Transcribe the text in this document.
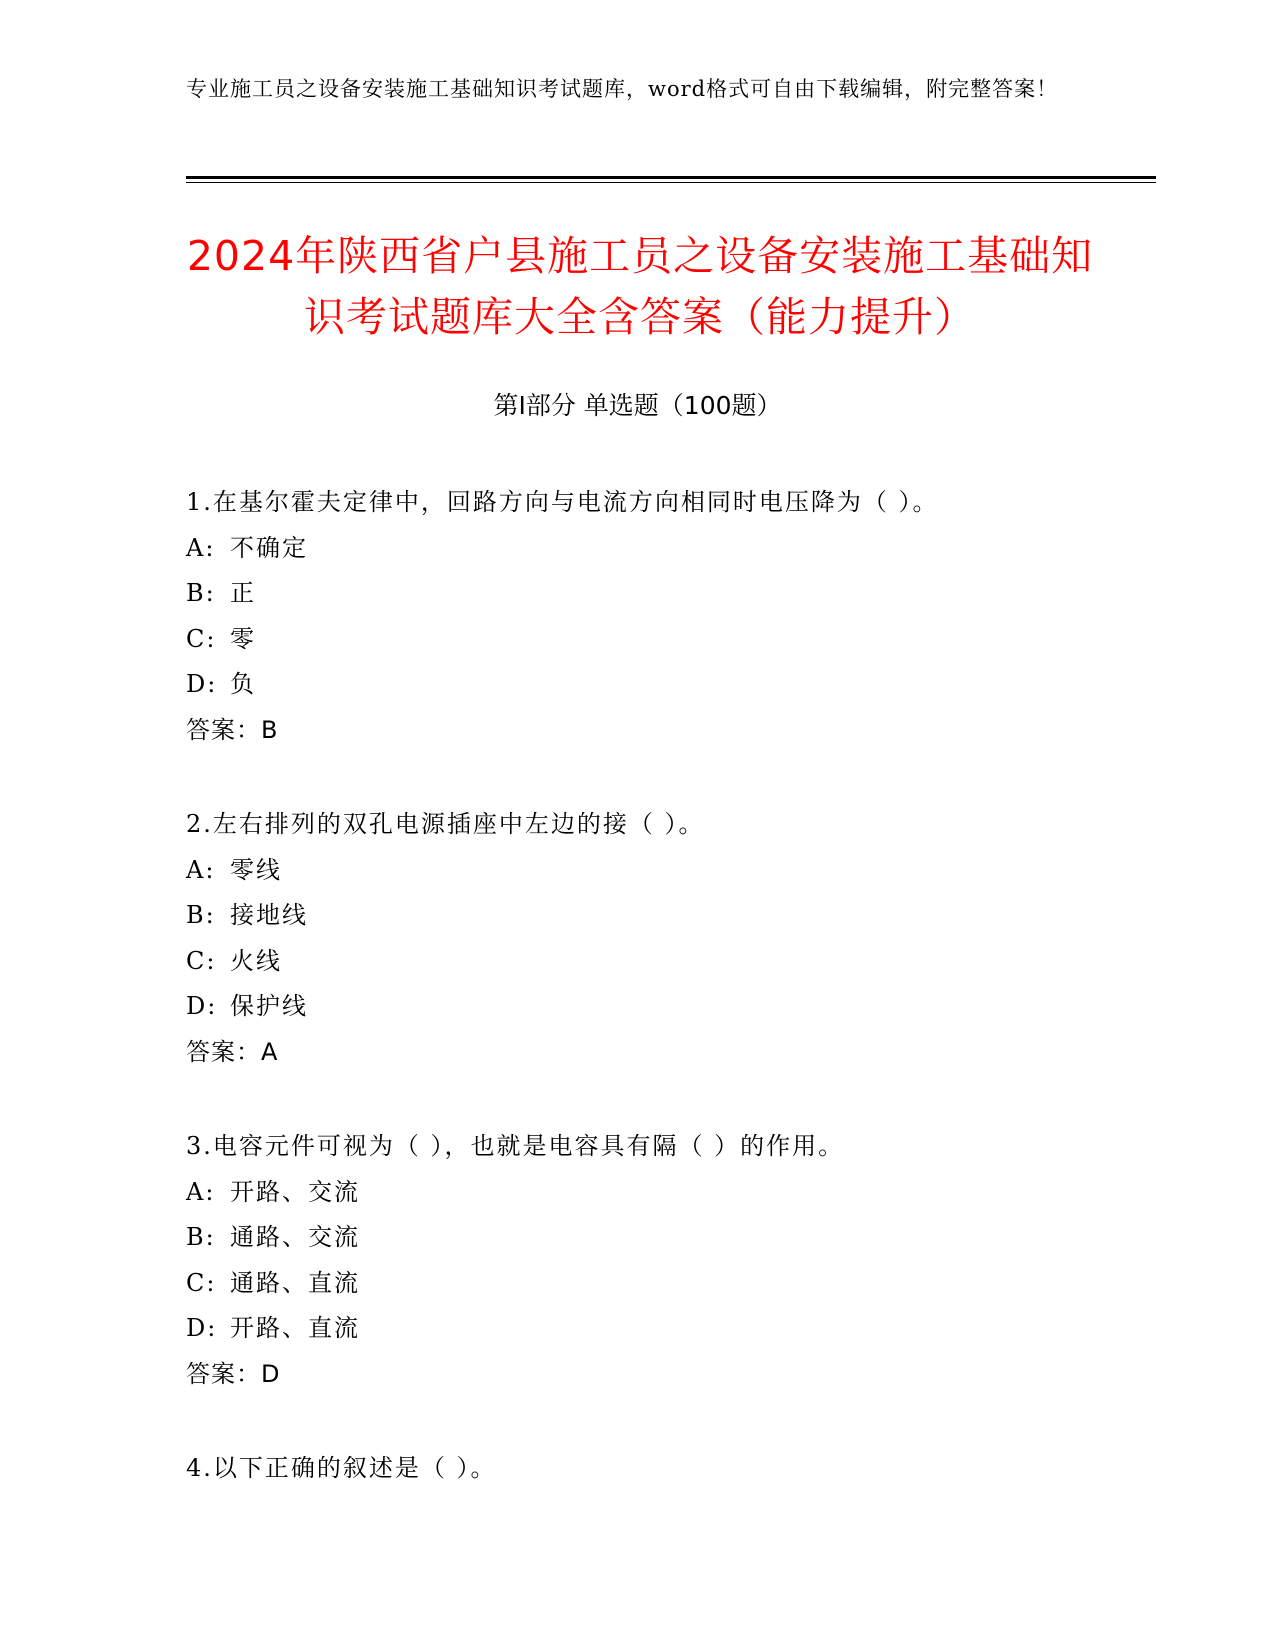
专业施工员之设备安装施工基础知识考试题库，word格式可自由下载编辑，附完整答案！
2024年陕西省户县施工员之设备安装施工基础知识考试题库大全含答案（能力提升）
第I部分 单选题（100题）
1.在基尔霍夫定律中，回路方向与电流方向相同时电压降为（ ）。
A: 不确定
B: 正
C: 零
D: 负
答案：B
2.左右排列的双孔电源插座中左边的接（ ）。
A: 零线
B: 接地线
C: 火线
D: 保护线
答案：A
3.电容元件可视为（ ），也就是电容具有隔（ ）的作用。
A: 开路、交流
B: 通路、交流
C: 通路、直流
D: 开路、直流
答案：D
4.以下正确的叙述是（ ）。
